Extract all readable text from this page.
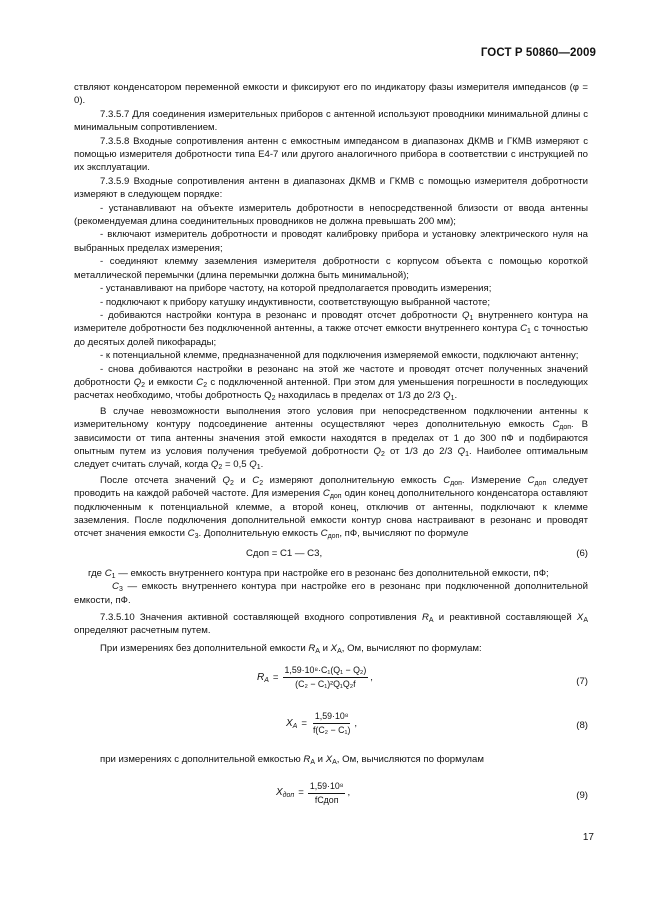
ГОСТ Р 50860—2009

ствляют конденсатором переменной емкости и фиксируют его по индикатору фазы измерителя импеданcов (φ = 0).

7.3.5.7 Для соединения измерительных приборов с антенной используют проводники минимальной длины с минимальным сопротивлением.

7.3.5.8 Входные сопротивления антенн с емкостным импедансом в диапазонах ДКМВ и ГКМВ измеряют с помощью измерителя добротности типа Е4-7 или другого аналогичного прибора в соответствии с инструкцией по их эксплуатации.

7.3.5.9 Входные сопротивления антенн в диапазонах ДКМВ и ГКМВ с помощью измерителя добротности измеряют в следующем порядке:

- устанавливают на объекте измеритель добротности в непосредственной близости от ввода антенны (рекомендуемая длина соединительных проводников не должна превышать 200 мм);

- включают измеритель добротности и проводят калибровку прибора и установку электрического нуля на выбранных пределах измерения;

- соединяют клемму заземления измерителя добротности с корпусом объекта с помощью короткой металлической перемычки (длина перемычки должна быть минимальной);

- устанавливают на приборе частоту, на которой предполагается проводить измерения;

- подключают к прибору катушку индуктивности, соответствующую выбранной частоте;

- добиваются настройки контура в резонанс и проводят отсчет добротности $Q_1$ внутреннего контура на измерителе добротности без подключенной антенны, а также отсчет емкости внутреннего контура $C_1$ с точностью до десятых долей пикофарады;

- к потенциальной клемме, предназначенной для подключения измеряемой емкости, подключают антенну;

- снова добиваются настройки в резонанс на этой же частоте и проводят отсчет полученных значений добротности $Q_2$ и емкости $C_2$ с подключенной антенной. При этом для уменьшения погрешности в последующих расчетах необходимо, чтобы добротность $Q_2$ находилась в пределах от 1/3 до 2/3 $Q_1$.

В случае невозможности выполнения этого условия при непосредственном подключении антенны к измерительному контуру подсоединение антенны осуществляют через дополнительную емкость $C_{доп}$. В зависимости от типа антенны значения этой емкости находятся в пределах от 1 до 300 пФ и подбираются опытным путем из условия получения требуемой добротности $Q_2$ от 1/3 до 2/3 $Q_1$. Наиболее оптимальным следует считать случай, когда $Q_2 = 0,5$ $Q_1$.

После отсчета значений $Q_2$ и $C_2$ измеряют дополнительную емкость $C_{доп}$. Измерение $C_{доп}$ следует проводить на каждой рабочей частоте. Для измерения $C_{доп}$ один конец дополнительного конденсатора оставляют подключенным к потенциальной клемме, а второй конец, отключив от антенны, подключают к клемме заземления. После подключения дополнительной емкости контур снова настраивают в резонанс и проводят отсчет значения емкости $C_3$. Дополнительную емкость $C_{доп}$, пФ, вычисляют по формуле

Сдоп = С1 — С3,	(6)

где $C_1$ — емкость внутреннего контура при настройке его в резонанс без дополнительной емкости, пФ;

$C_3$ — емкость внутреннего контура при настройке его в резонанс при подключенной дополнительной емкости, пФ.

7.3.5.10 Значения активной составляющей входного сопротивления $R_А$ и реактивной составляющей $X_А$ определяют расчетным путем.

При измерениях без дополнительной емкости $R_А$ и $X_А$, Ом, вычисляют по формулам:

$R_А = \frac{\text{1,59·10⁸·C₁(Q₁ − Q₂)}}{\text{(C₂ − C₁)²Q₁Q₂f}}$ ,	(7)
$X_А = \frac{\text{1,59·10⁸}}{\text{f(C₂ − C₁)}}$ ,	(8)

при измерениях с дополнительной емкостью $R_А$ и $X_А$, Ом, вычисляются по формулам

$X_{доп} = \frac{\text{1,59·10⁸}}{\text{fCдоп}}$ ,	(9)
17
